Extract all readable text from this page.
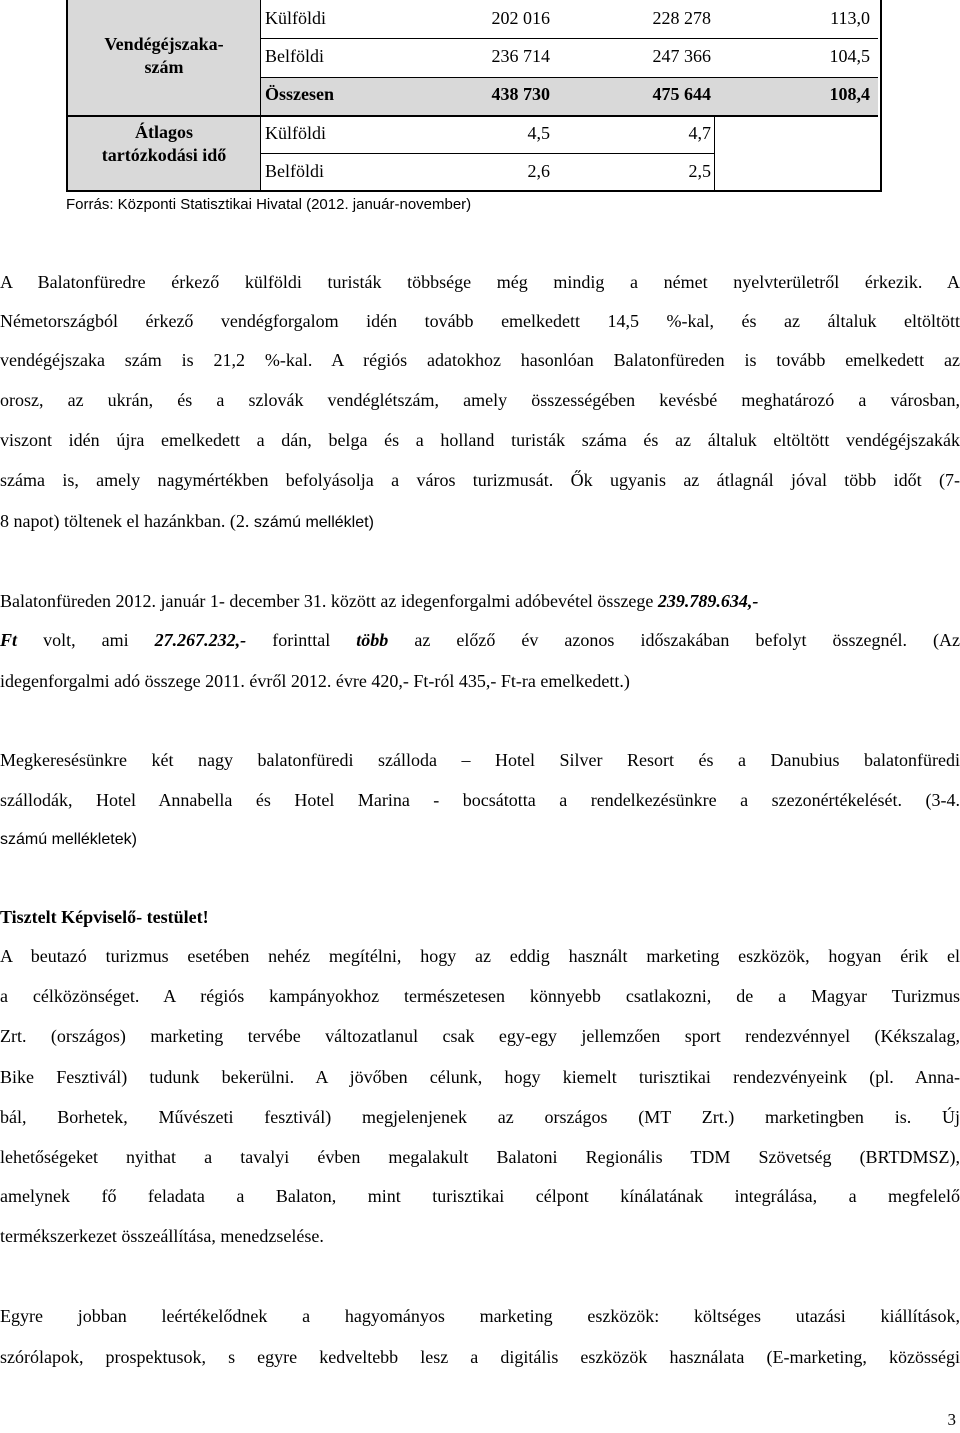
Vendégéjszaka-
szám
Átlagos
tartózkodási idő
Külföldi	202 016	228 278	113,0
Belföldi	236 714	247 366	104,5
Összesen	438 730	475 644	108,4
Külföldi	4,5	4,7
Belföldi	2,6	2,5
Forrás: Központi Statisztikai Hivatal (2012. január-november)
A Balatonfüredre érkező külföldi turisták többsége még mindig a német nyelvterületről érkezik. A
Németországból érkező vendégforgalom idén tovább emelkedett 14,5 %-kal, és az általuk eltöltött
vendégéjszaka szám is 21,2 %-kal. A régiós adatokhoz hasonlóan Balatonfüreden is tovább emelkedett az
orosz, az ukrán, és a szlovák vendéglétszám, amely összességében kevésbé meghatározó a városban,
viszont idén újra emelkedett a dán, belga és a holland turisták száma és az általuk eltöltött vendégéjszakák
száma is, amely nagymértékben befolyásolja a város turizmusát. Ők ugyanis az átlagnál jóval több időt (7-
8 napot) töltenek el hazánkban. (2. számú melléklet)
Balatonfüreden 2012. január 1- december 31. között az idegenforgalmi adóbevétel összege 239.789.634,-
Ft volt, ami 27.267.232,- forinttal több az előző év azonos időszakában befolyt összegnél. (Az
idegenforgalmi adó összege 2011. évről 2012. évre 420,- Ft-ról 435,- Ft-ra emelkedett.)
Megkeresésünkre két nagy balatonfüredi szálloda – Hotel Silver Resort és a Danubius balatonfüredi
szállodák, Hotel Annabella és Hotel Marina - bocsátotta a rendelkezésünkre a szezonértékelését. (3-4.
számú mellékletek)
Tisztelt Képviselő- testület!
A beutazó turizmus esetében nehéz megítélni, hogy az eddig használt marketing eszközök, hogyan érik el
a célközönséget. A régiós kampányokhoz természetesen könnyebb csatlakozni, de a Magyar Turizmus
Zrt. (országos) marketing tervébe változatlanul csak egy-egy jellemzően sport rendezvénnyel (Kékszalag,
Bike Fesztivál) tudunk bekerülni. A jövőben célunk, hogy kiemelt turisztikai rendezvényeink (pl. Anna-
bál, Borhetek, Művészeti fesztivál) megjelenjenek az országos (MT Zrt.) marketingben is. Új
lehetőségeket nyithat a tavalyi évben megalakult Balatoni Regionális TDM Szövetség (BRTDMSZ),
amelynek fő feladata a Balaton, mint turisztikai célpont kínálatának integrálása, a megfelelő
termékszerkezet összeállítása, menedzselése.
Egyre jobban leértékelődnek a hagyományos marketing eszközök: költséges utazási kiállítások,
szórólapok, prospektusok, s egyre kedveltebb lesz a digitális eszközök használata (E-marketing, közösségi
3
